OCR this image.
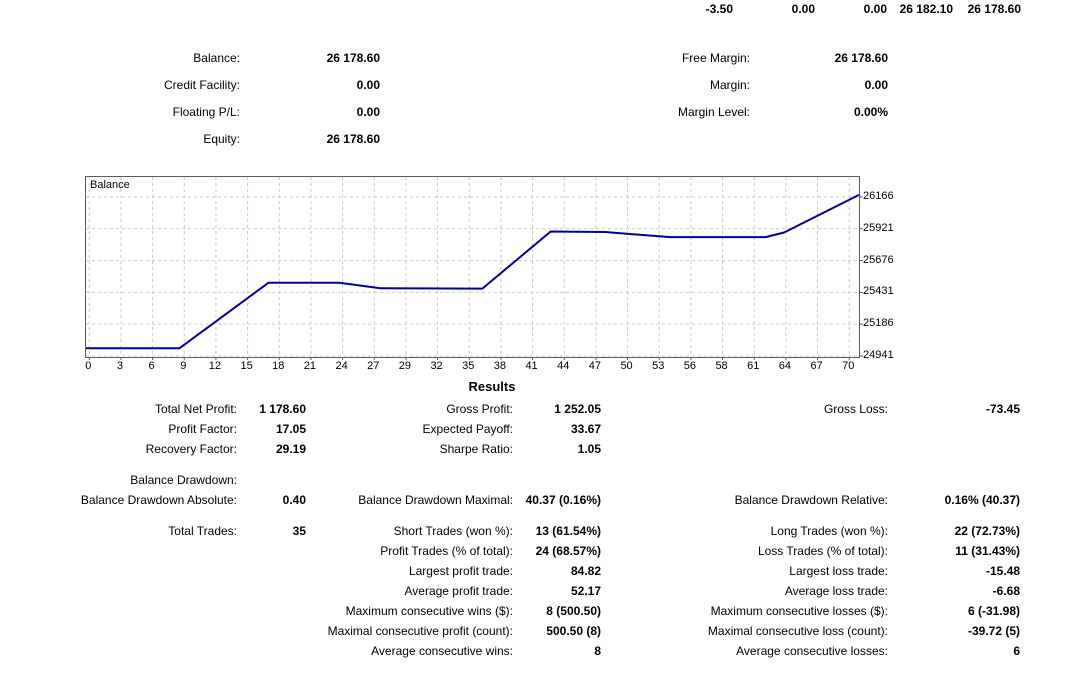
-3.50	0.00	0.00	26 182.10	26 178.60
Balance:	26 178.60
Credit Facility:	0.00
Floating P/L:	0.00
Equity:	26 178.60
Free Margin:	26 178.60
Margin:	0.00
Margin Level:	0.00%
Balance
26166
25921
25676
25431
25186
24941
0	3	6	9	12	15	18	21	24	27	29	32	35	38	41	44	47	50	53	56	58	61	64	67	70
Results
Total Net Profit:	1 178.60	Gross Profit:	1 252.05	Gross Loss:	-73.45
Profit Factor:	17.05	Expected Payoff:	33.67
Recovery Factor:	29.19	Sharpe Ratio:	1.05
Balance Drawdown:
Balance Drawdown Absolute:	0.40	Balance Drawdown Maximal:	40.37 (0.16%)	Balance Drawdown Relative:	0.16% (40.37)
Total Trades:	35	Short Trades (won %):	13 (61.54%)	Long Trades (won %):	22 (72.73%)
Profit Trades (% of total):	24 (68.57%)	Loss Trades (% of total):	11 (31.43%)
Largest profit trade:	84.82	Largest loss trade:	-15.48
Average profit trade:	52.17	Average loss trade:	-6.68
Maximum consecutive wins ($):	8 (500.50)	Maximum consecutive losses ($):	6 (-31.98)
Maximal consecutive profit (count):	500.50 (8)	Maximal consecutive loss (count):	-39.72 (5)
Average consecutive wins:	8	Average consecutive losses:	6
